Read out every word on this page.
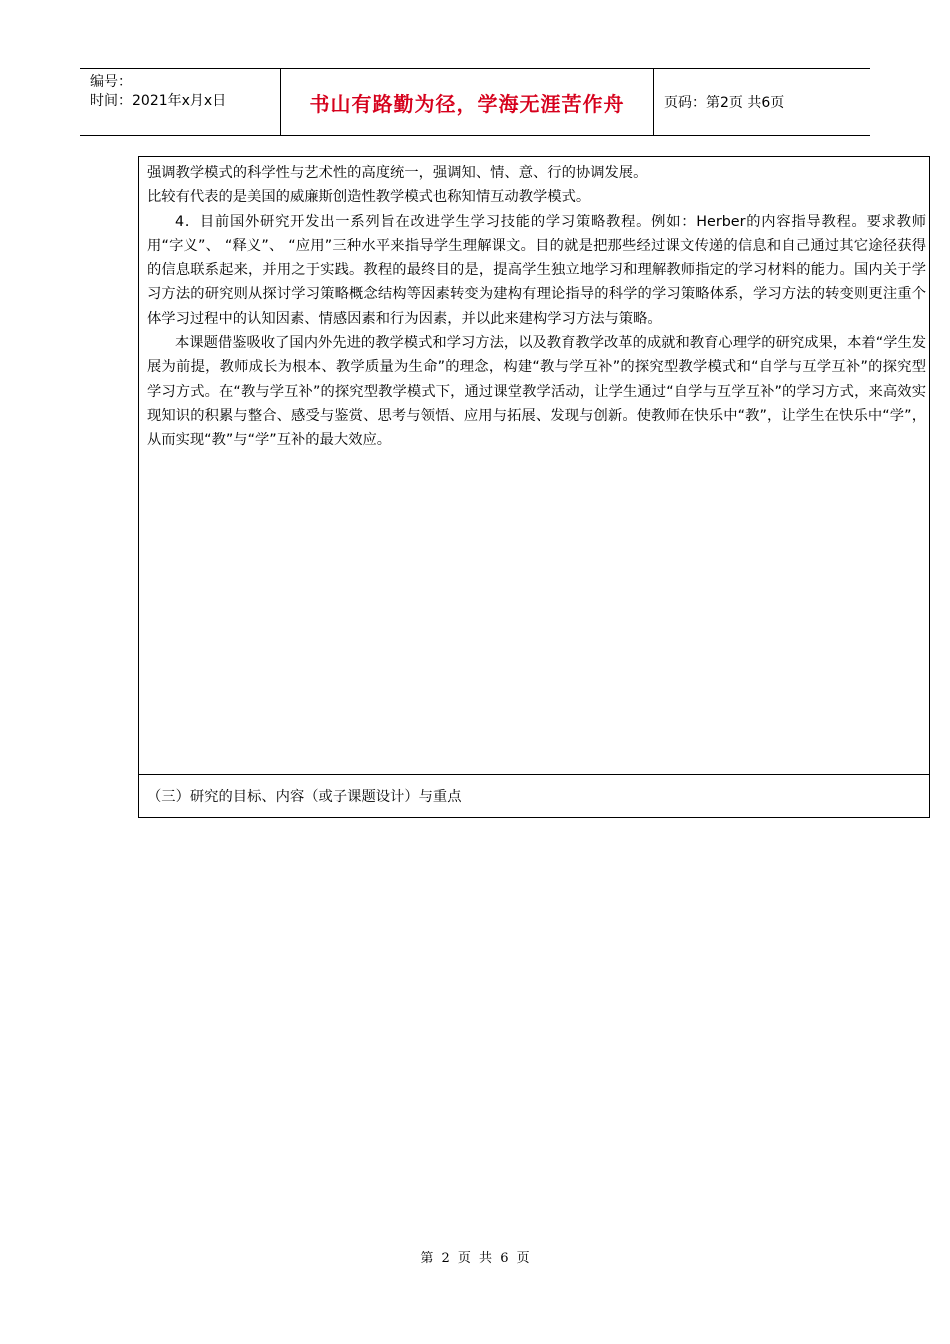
编号：
时间：2021年x月x日	书山有路勤为径，学海无涯苦作舟	页码：第2页 共6页

强调教学模式的科学性与艺术性的高度统一，强调知、情、意、行的协调发展。

比较有代表的是美国的威廉斯创造性教学模式也称知情互动教学模式。

4．目前国外研究开发出一系列旨在改进学生学习技能的学习策略教程。例如：Herber的内容指导教程。要求教师用“字义”、 “释义”、 “应用”三种水平来指导学生理解课文。目的就是把那些经过课文传递的信息和自己通过其它途径获得的信息联系起来，并用之于实践。教程的最终目的是，提高学生独立地学习和理解教师指定的学习材料的能力。国内关于学习方法的研究则从探讨学习策略概念结构等因素转变为建构有理论指导的科学的学习策略体系，学习方法的转变则更注重个体学习过程中的认知因素、情感因素和行为因素，并以此来建构学习方法与策略。

本课题借鉴吸收了国内外先进的教学模式和学习方法，以及教育教学改革的成就和教育心理学的研究成果，本着“学生发展为前提，教师成长为根本、教学质量为生命”的理念，构建“教与学互补”的探究型教学模式和“自学与互学互补”的探究型学习方式。在“教与学互补”的探究型教学模式下，通过课堂教学活动，让学生通过“自学与互学互补”的学习方式，来高效实现知识的积累与整合、感受与鉴赏、思考与领悟、应用与拓展、发现与创新。使教师在快乐中“教”，让学生在快乐中“学”，从而实现“教”与“学”互补的最大效应。

（三）研究的目标、内容（或子课题设计）与重点
第 2 页 共 6 页
